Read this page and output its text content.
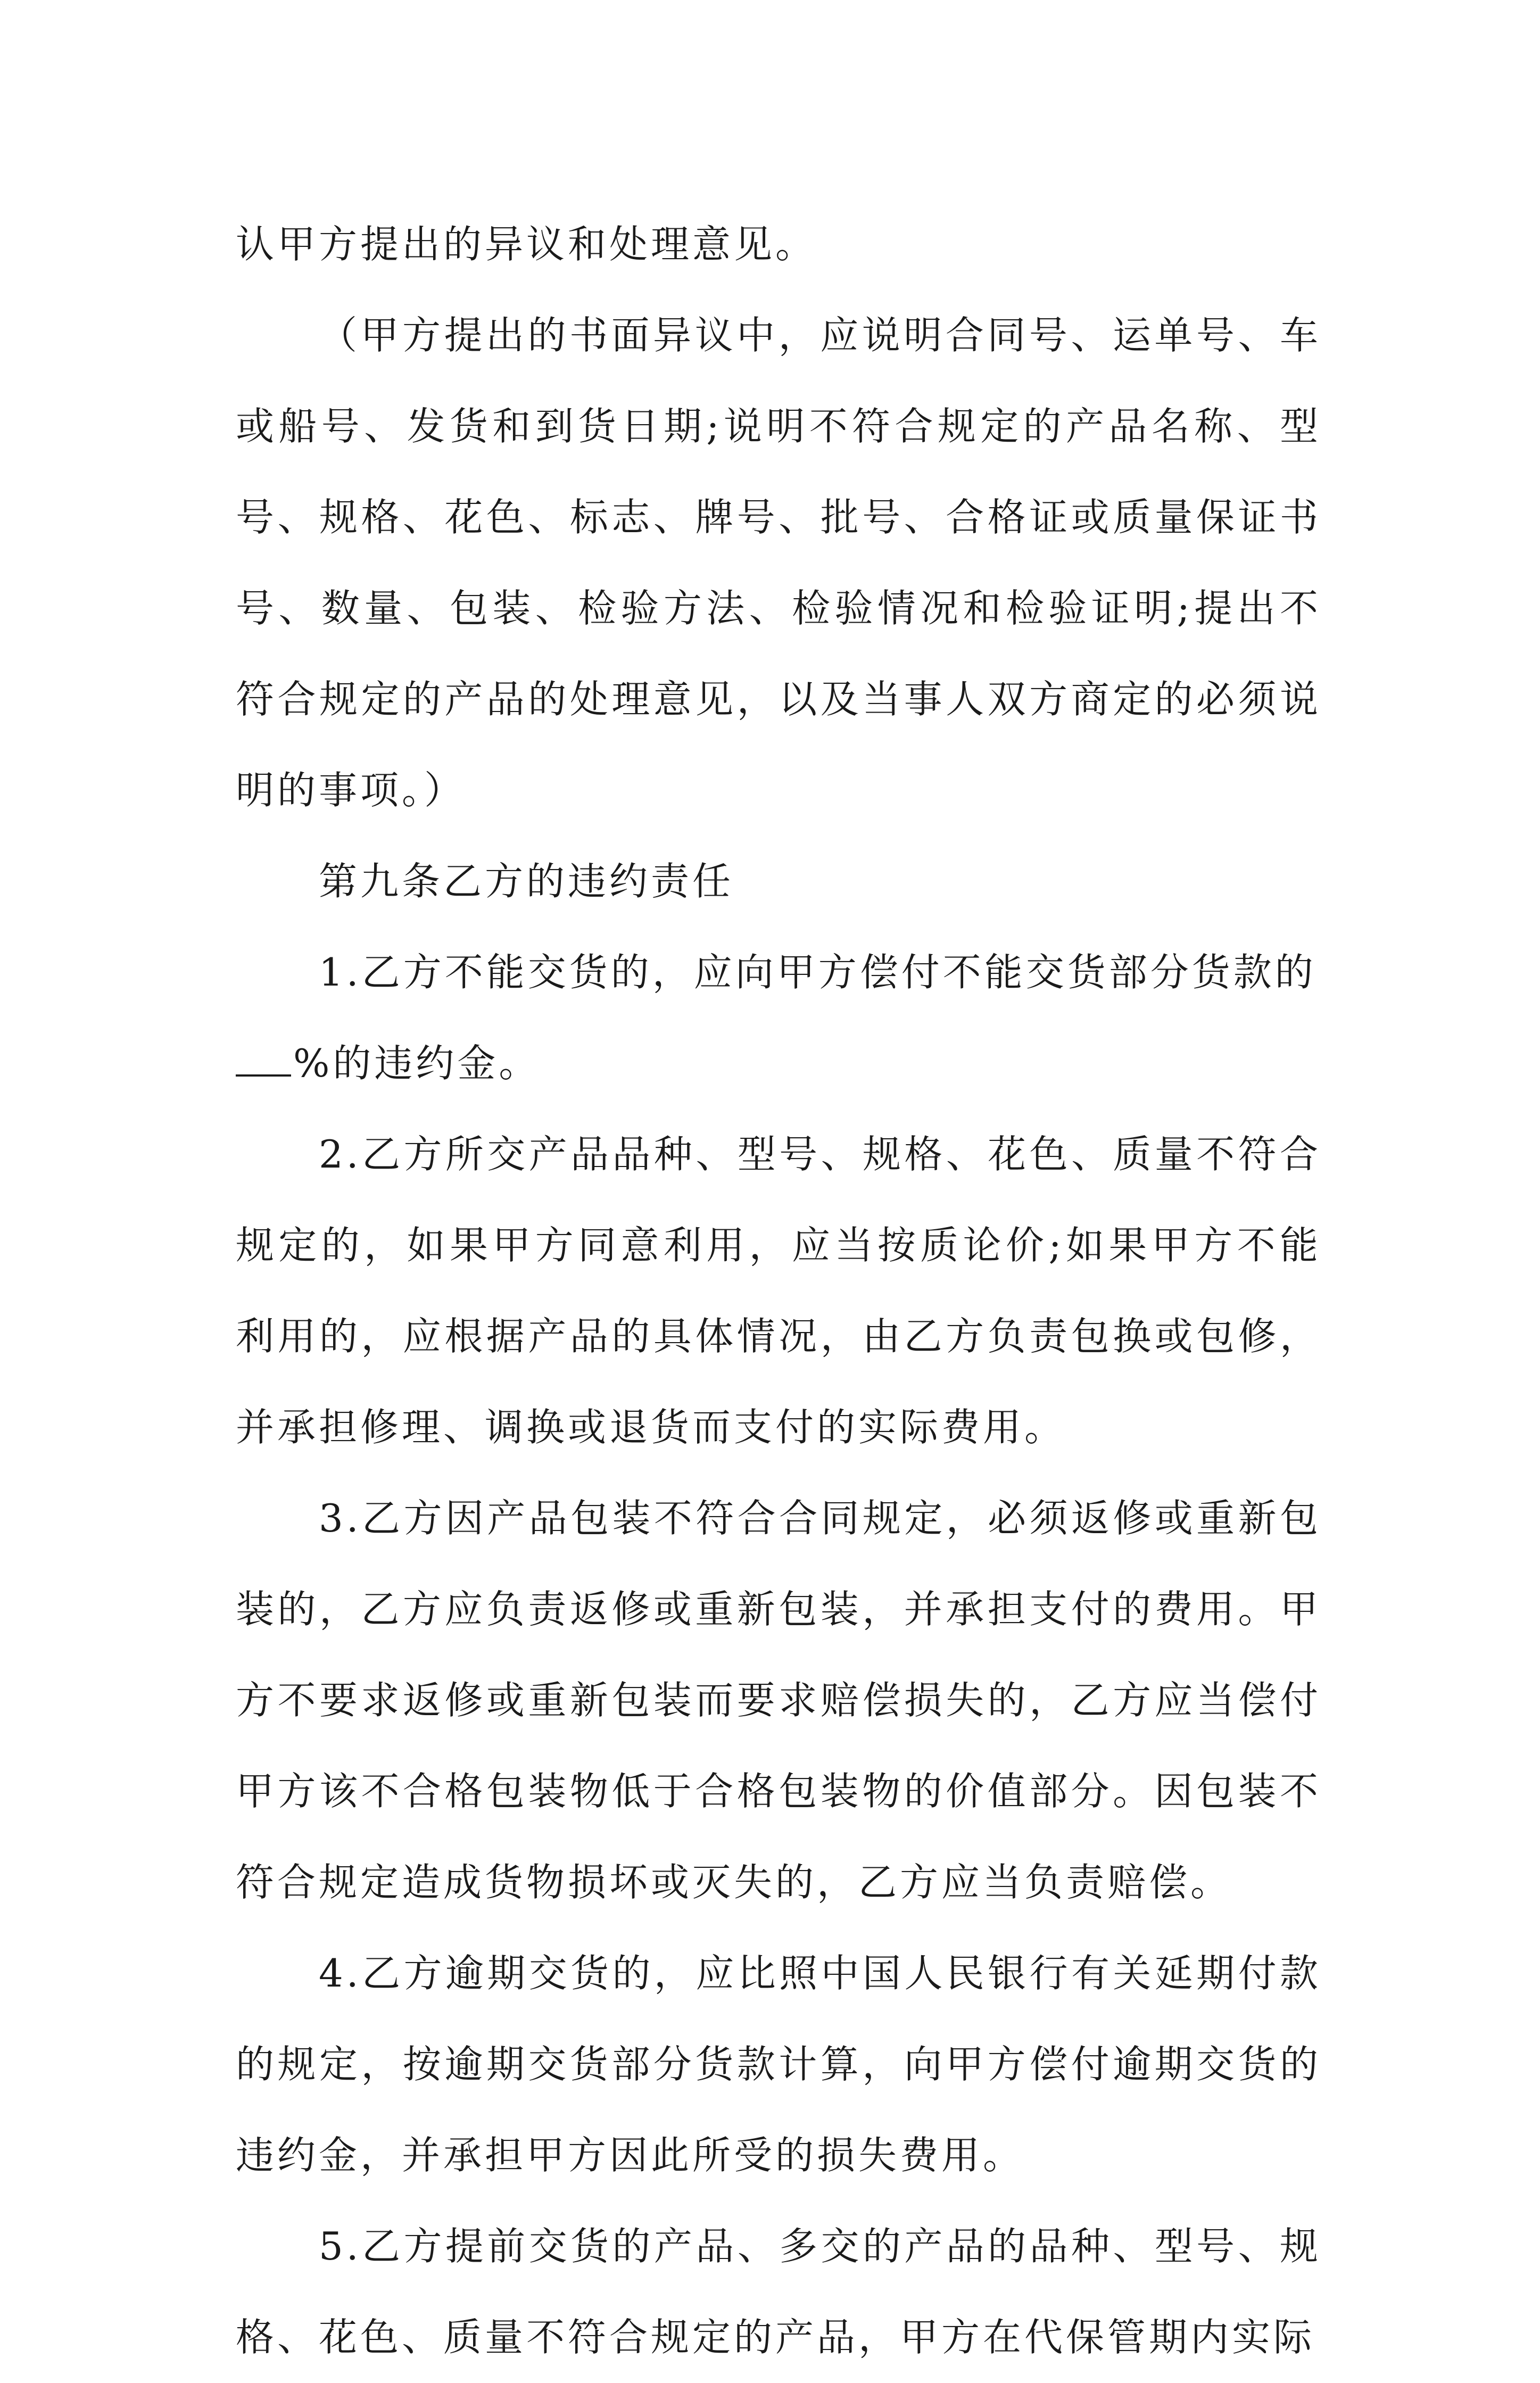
认甲方提出的异议和处理意见。

（甲方提出的书面异议中，应说明合同号、运单号、车或船号、发货和到货日期;说明不符合规定的产品名称、型号、规格、花色、标志、牌号、批号、合格证或质量保证书号、数量、包装、检验方法、检验情况和检验证明;提出不符合规定的产品的处理意见，以及当事人双方商定的必须说明的事项。）

第九条乙方的违约责任

1.乙方不能交货的，应向甲方偿付不能交货部分货款的
%的违约金。

2.乙方所交产品品种、型号、规格、花色、质量不符合规定的，如果甲方同意利用，应当按质论价;如果甲方不能利用的，应根据产品的具体情况，由乙方负责包换或包修，并承担修理、调换或退货而支付的实际费用。

3.乙方因产品包装不符合合同规定，必须返修或重新包装的，乙方应负责返修或重新包装，并承担支付的费用。甲方不要求返修或重新包装而要求赔偿损失的，乙方应当偿付甲方该不合格包装物低于合格包装物的价值部分。因包装不符合规定造成货物损坏或灭失的，乙方应当负责赔偿。

4.乙方逾期交货的，应比照中国人民银行有关延期付款的规定，按逾期交货部分货款计算，向甲方偿付逾期交货的违约金，并承担甲方因此所受的损失费用。

5.乙方提前交货的产品、多交的产品的品种、型号、规格、花色、质量不符合规定的产品，甲方在代保管期内实际
